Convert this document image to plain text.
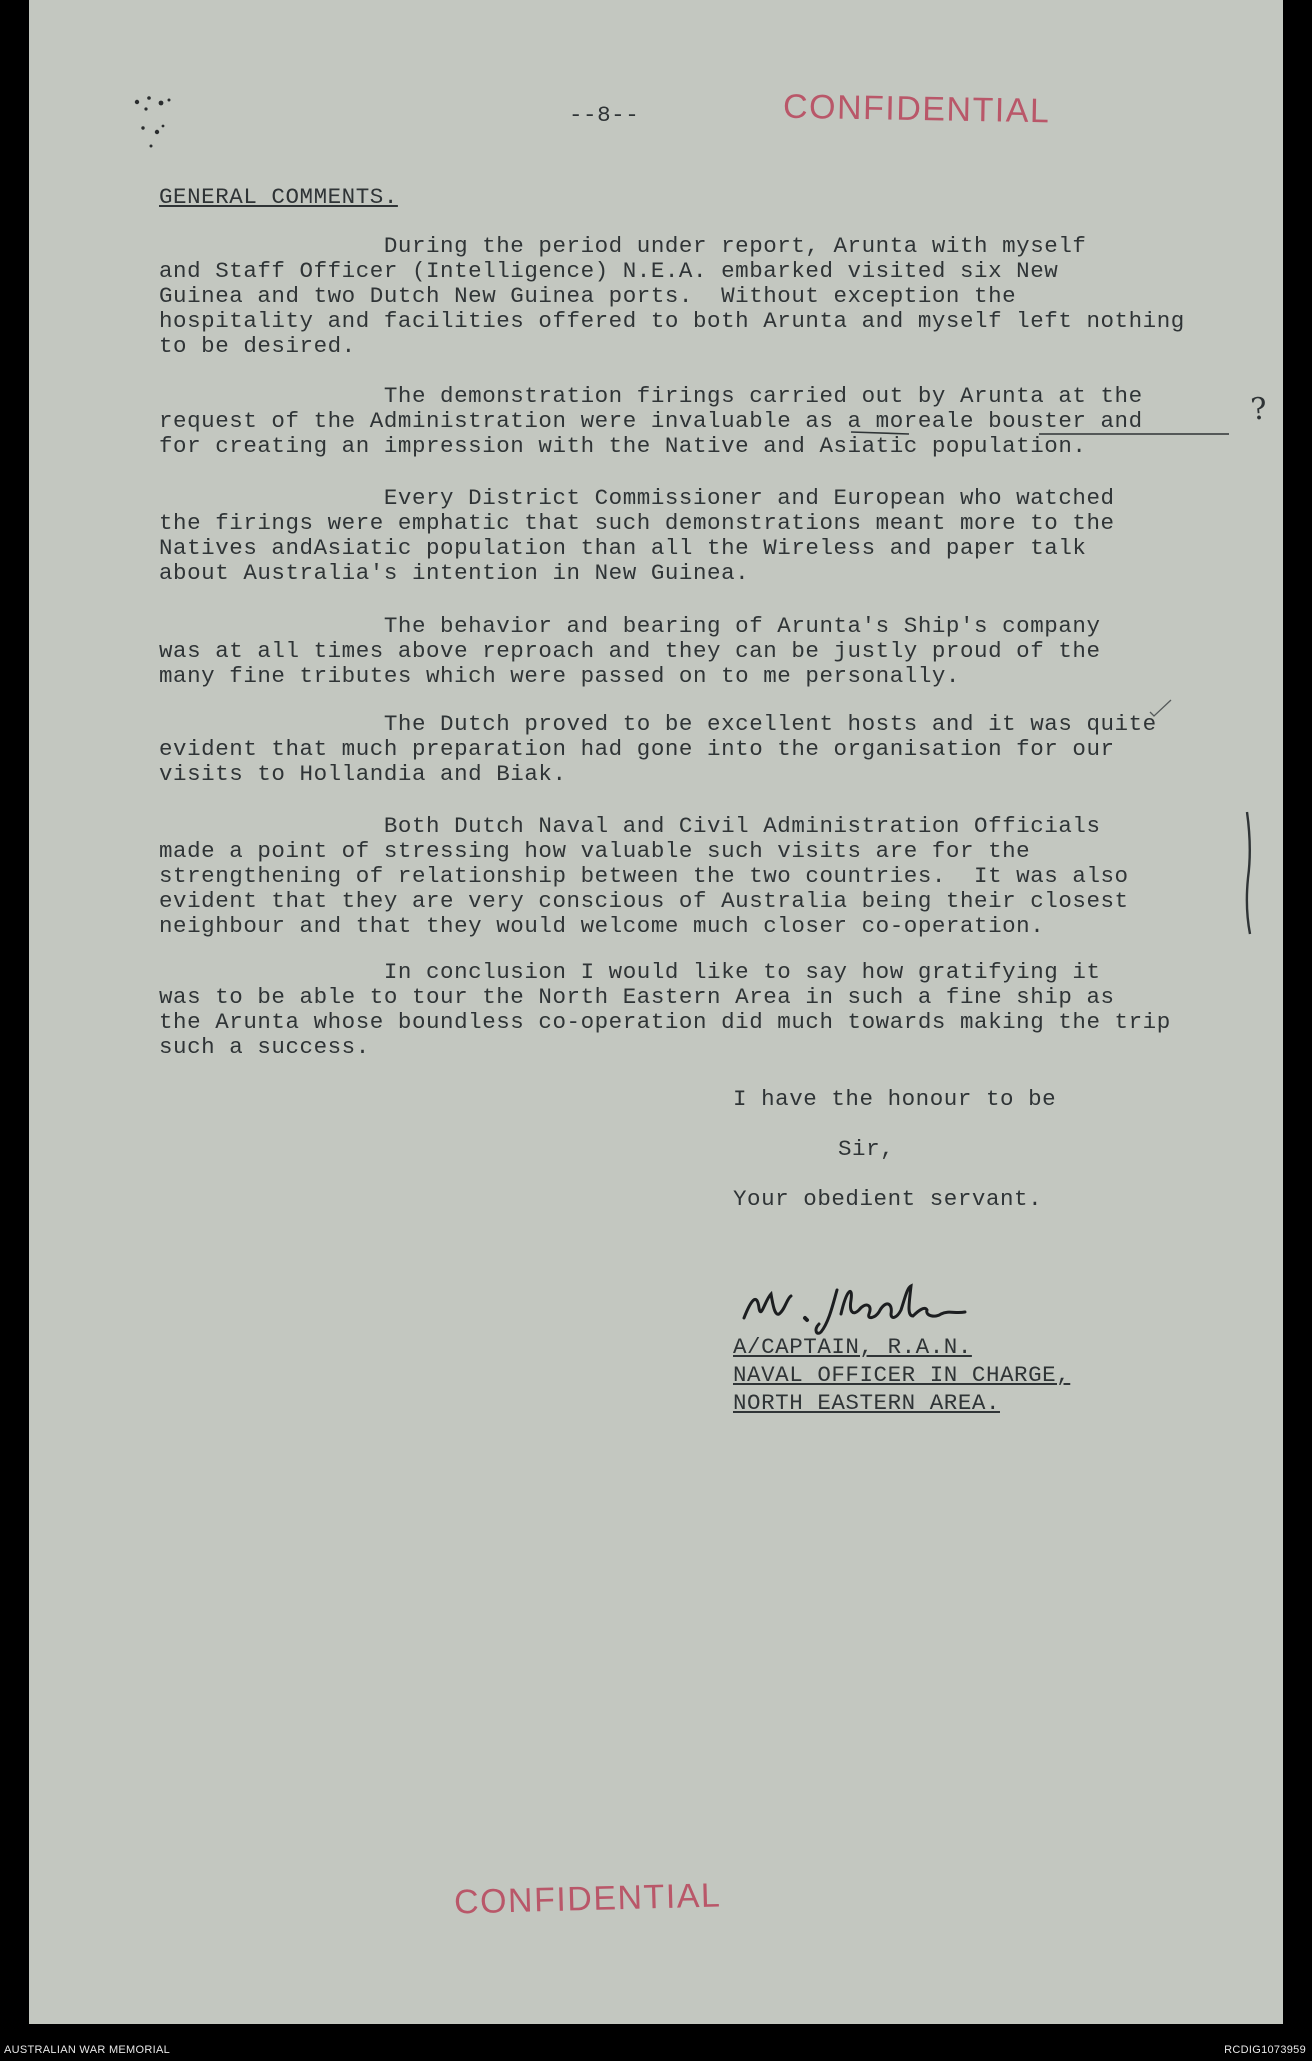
--8--	CONFIDENTIAL
GENERAL COMMENTS.
During the period under report, Arunta with myself
and Staff Officer (Intelligence) N.E.A. embarked visited six New
Guinea and two Dutch New Guinea ports.  Without exception the
hospitality and facilities offered to both Arunta and myself left nothing
to be desired.
The demonstration firings carried out by Arunta at the
request of the Administration were invaluable as a moreale bouster and
for creating an impression with the Native and Asiatic population.
Every District Commissioner and European who watched
the firings were emphatic that such demonstrations meant more to the
Natives andAsiatic population than all the Wireless and paper talk
about Australia's intention in New Guinea.
The behavior and bearing of Arunta's Ship's company
was at all times above reproach and they can be justly proud of the
many fine tributes which were passed on to me personally.
The Dutch proved to be excellent hosts and it was quite
evident that much preparation had gone into the organisation for our
visits to Hollandia and Biak.
Both Dutch Naval and Civil Administration Officials
made a point of stressing how valuable such visits are for the
strengthening of relationship between the two countries.  It was also
evident that they are very conscious of Australia being their closest
neighbour and that they would welcome much closer co-operation.
In conclusion I would like to say how gratifying it
was to be able to tour the North Eastern Area in such a fine ship as
the Arunta whose boundless co-operation did much towards making the trip
such a success.
?
I have the honour to be
Sir,
Your obedient servant.
A/CAPTAIN, R.A.N.
NAVAL OFFICER IN CHARGE,
NORTH EASTERN AREA.
CONFIDENTIAL
AUSTRALIAN WAR MEMORIAL	RCDIG1073959
